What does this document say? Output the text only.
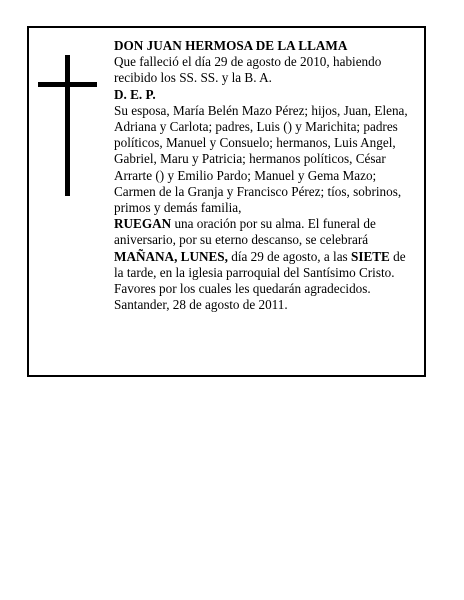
DON JUAN HERMOSA DE LA LLAMA
Que falleció el día 29 de agosto de 2010, habiendo
recibido los SS. SS. y la B. A.
D. E. P.
Su esposa, María Belén Mazo Pérez; hijos, Juan, Elena,
Adriana y Carlota; padres, Luis () y Marichita; padres
políticos, Manuel y Consuelo; hermanos, Luis Angel,
Gabriel, Maru y Patricia; hermanos políticos, César
Arrarte () y Emilio Pardo; Manuel y Gema Mazo;
Carmen de la Granja y Francisco Pérez; tíos, sobrinos,
primos y demás familia,
RUEGAN una oración por su alma. El funeral de
aniversario, por su eterno descanso, se celebrará
MAÑANA, LUNES, día 29 de agosto, a las SIETE de
la tarde, en la iglesia parroquial del Santísimo Cristo.
Favores por los cuales les quedarán agradecidos.
Santander, 28 de agosto de 2011.
